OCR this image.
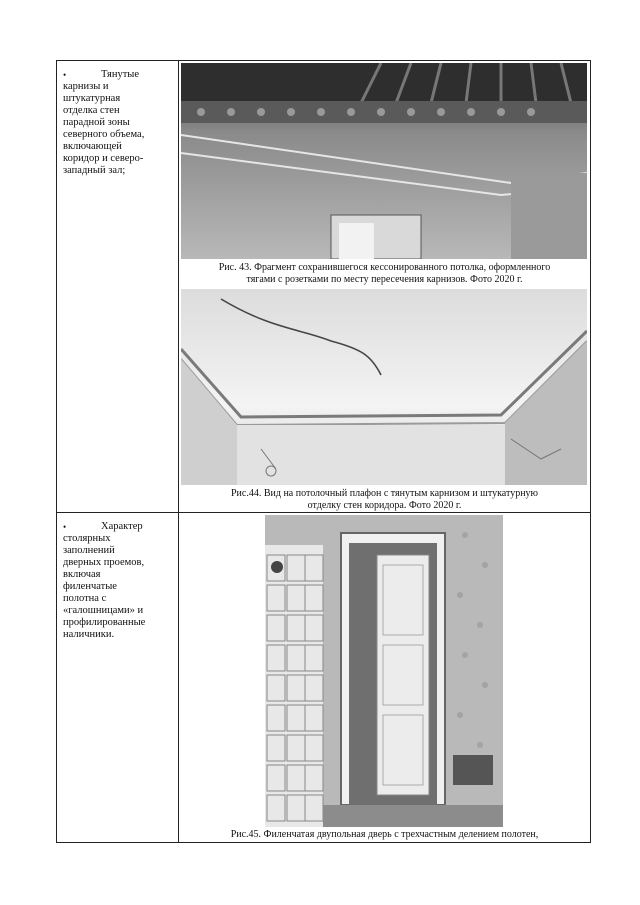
•	Тянутые
карнизы и
штукатурная
отделка стен
парадной зоны
северного объема,
включающей
коридор и северо-
западный зал;
Рис. 43. Фрагмент сохранившегося кессонированного потолка, оформленного
тягами с розетками по месту пересечения карнизов. Фото 2020 г.
Рис.44. Вид на потолочный плафон с тянутым карнизом и штукатурную
отделку стен коридора. Фото 2020 г.
•	Характер
столярных
заполнений
дверных проемов,
включая
филенчатые
полотна с
«галошницами» и
профилированные
наличники.
Рис.45. Филенчатая двупольная дверь с трехчастным делением полотен,
